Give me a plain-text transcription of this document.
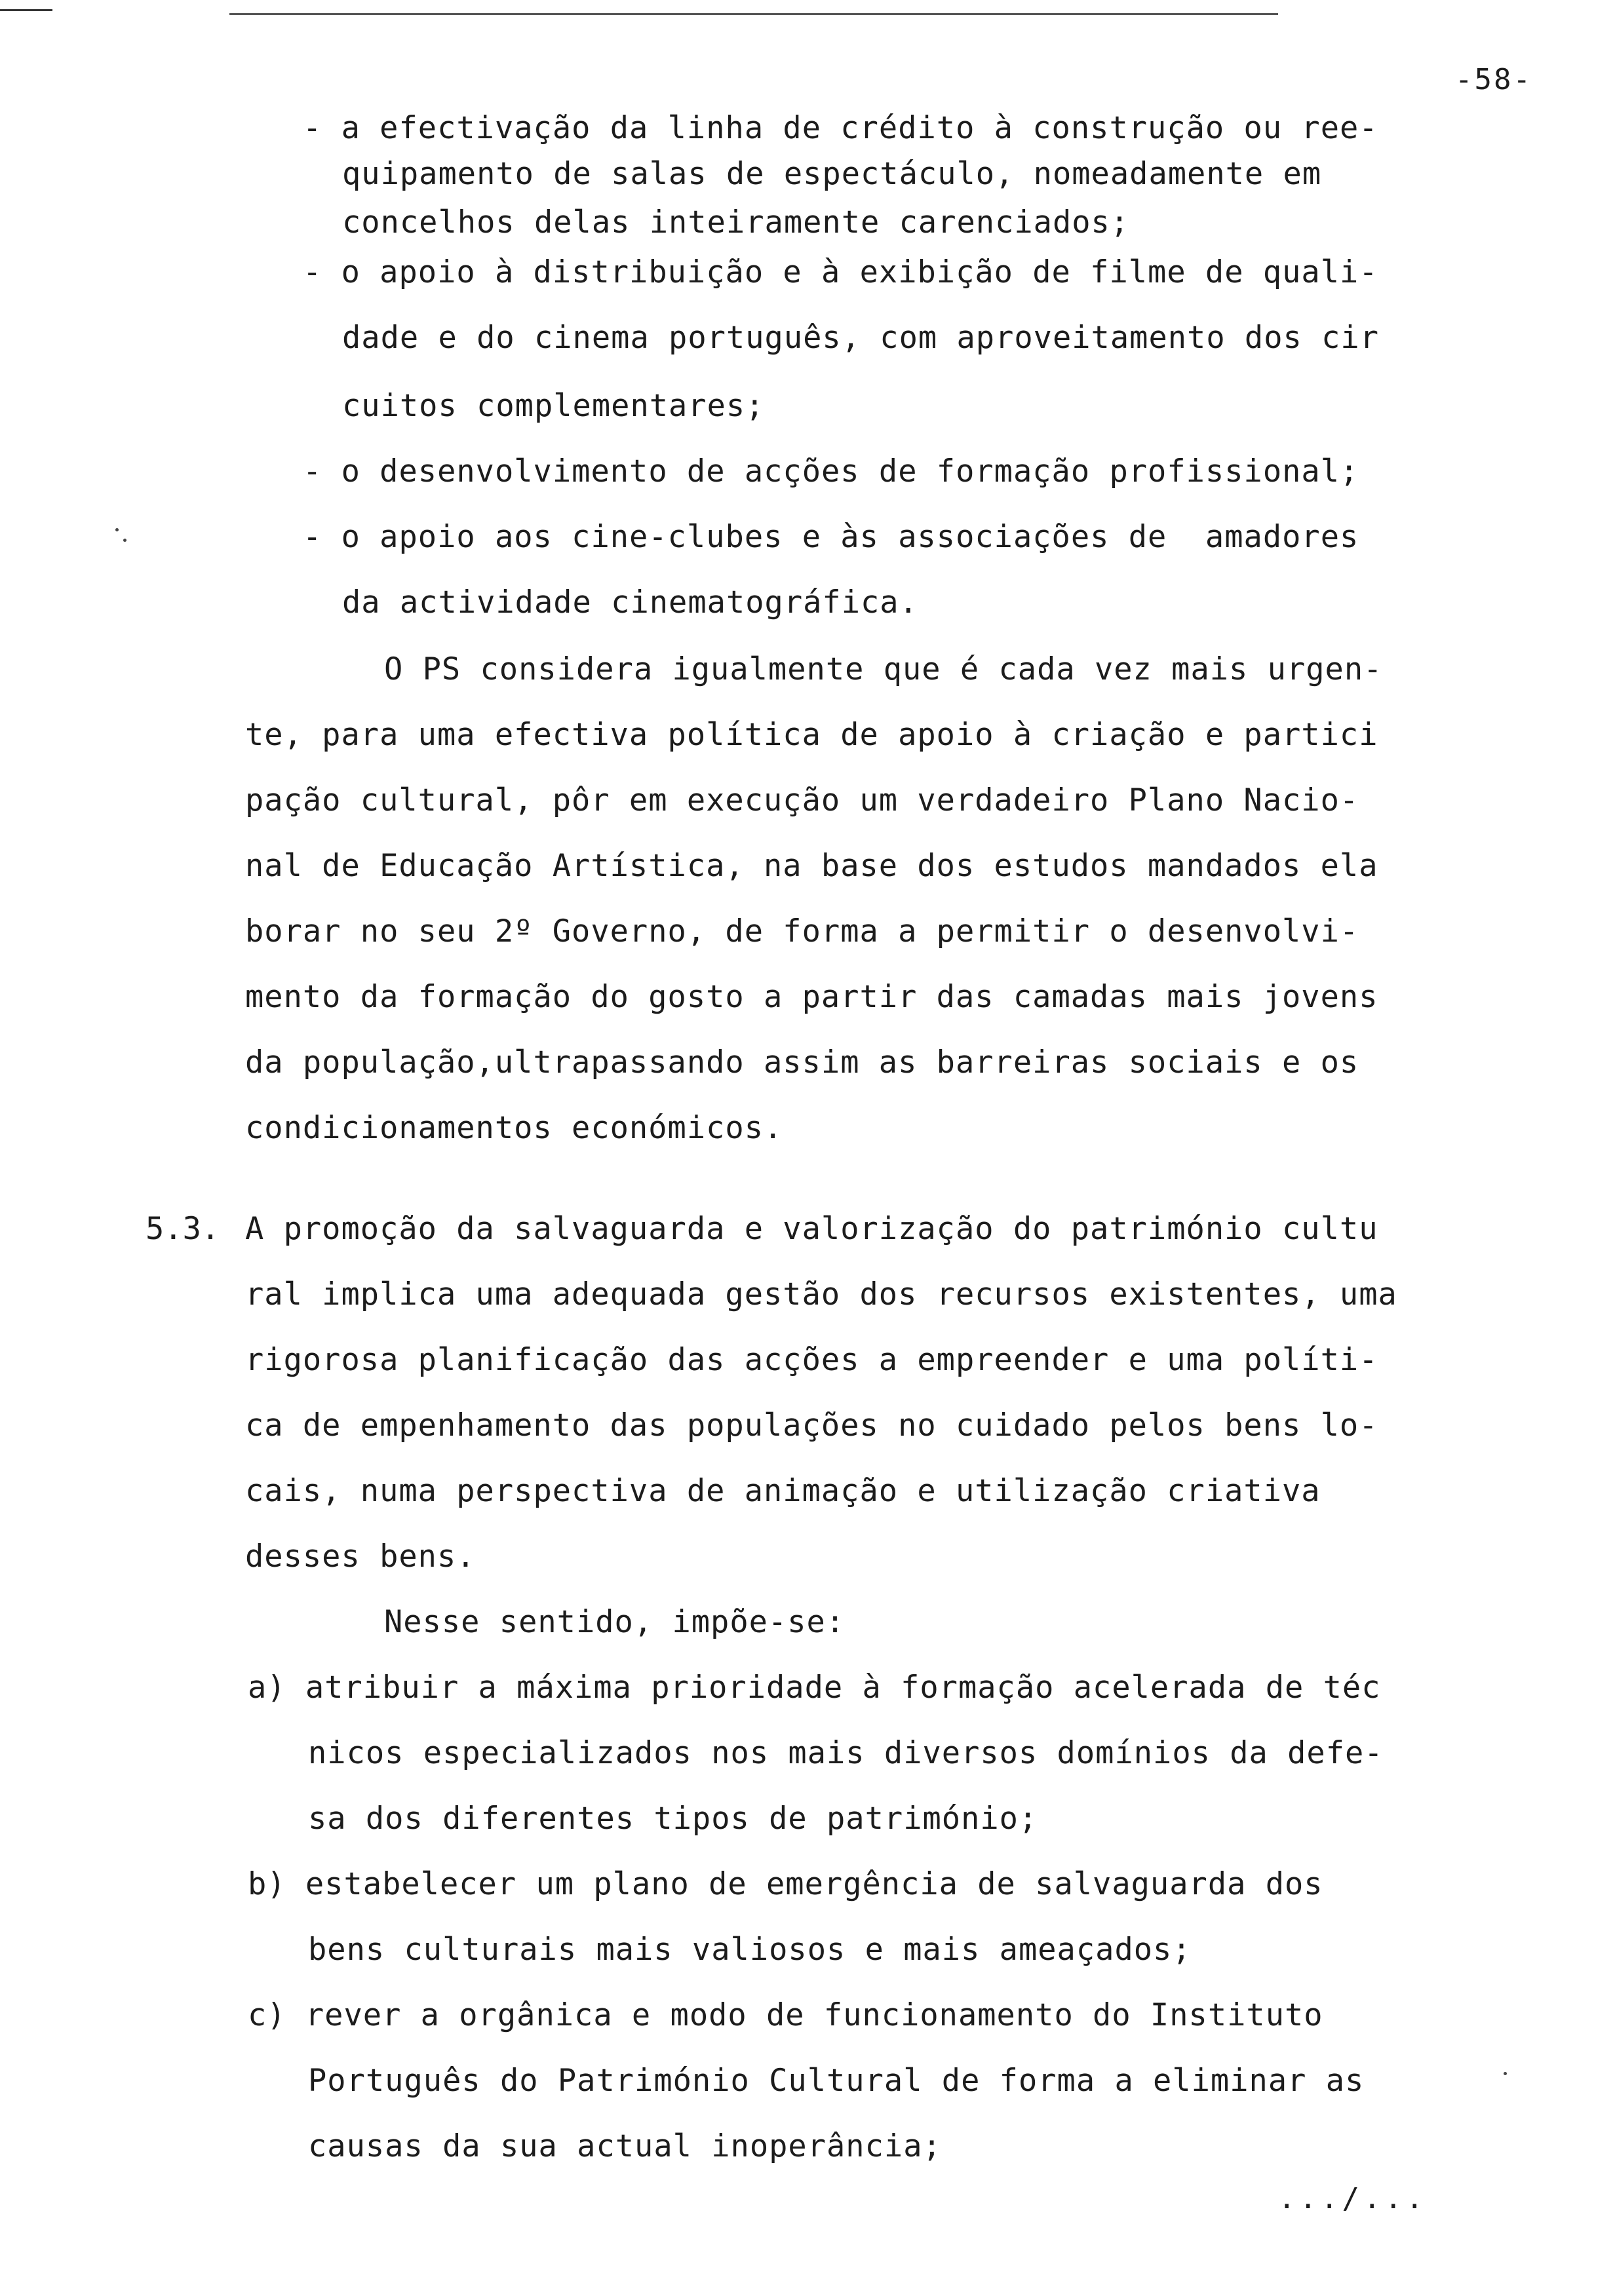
-58-
- a efectivação da linha de crédito à construção ou ree-
quipamento de salas de espectáculo, nomeadamente em
concelhos delas inteiramente carenciados;
- o apoio à distribuição e à exibição de filme de quali-
dade e do cinema português, com aproveitamento dos cir
cuitos complementares;
- o desenvolvimento de acções de formação profissional;
- o apoio aos cine-clubes e às associações de  amadores
da actividade cinematográfica.
O PS considera igualmente que é cada vez mais urgen-
te, para uma efectiva política de apoio à criação e partici
pação cultural, pôr em execução um verdadeiro Plano Nacio-
nal de Educação Artística, na base dos estudos mandados ela
borar no seu 2º Governo, de forma a permitir o desenvolvi-
mento da formação do gosto a partir das camadas mais jovens
da população,ultrapassando assim as barreiras sociais e os
condicionamentos económicos.
5.3. A promoção da salvaguarda e valorização do património cultu
ral implica uma adequada gestão dos recursos existentes, uma
rigorosa planificação das acções a empreender e uma políti-
ca de empenhamento das populações no cuidado pelos bens lo-
cais, numa perspectiva de animação e utilização criativa
desses bens.
Nesse sentido, impõe-se:
a) atribuir a máxima prioridade à formação acelerada de téc
nicos especializados nos mais diversos domínios da defe-
sa dos diferentes tipos de património;
b) estabelecer um plano de emergência de salvaguarda dos
bens culturais mais valiosos e mais ameaçados;
c) rever a orgânica e modo de funcionamento do Instituto
Português do Património Cultural de forma a eliminar as
causas da sua actual inoperância;
.../...
